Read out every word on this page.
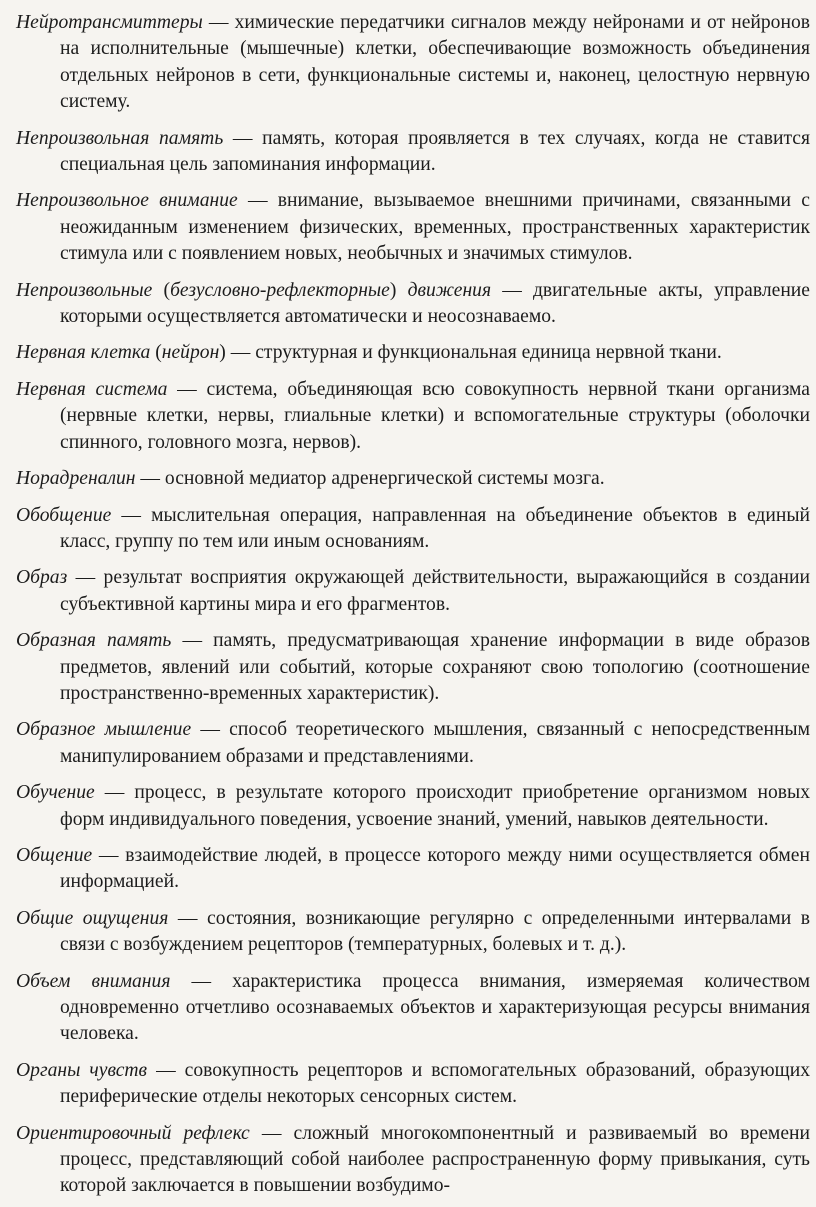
Нейротрансмиттеры — химические передатчики сигналов между нейронами и от нейронов на исполнительные (мышечные) клетки, обеспечивающие возможность объединения отдельных нейронов в сети, функциональные системы и, наконец, целостную нервную систему.

Непроизвольная память — память, которая проявляется в тех случаях, когда не ставится специальная цель запоминания информации.

Непроизвольное внимание — внимание, вызываемое внешними причинами, связанными с неожиданным изменением физических, временных, пространственных характеристик стимула или с появлением новых, необычных и значимых стимулов.

Непроизвольные (безусловно-рефлекторные) движения — двигательные акты, управление которыми осуществляется автоматически и неосознаваемо.

Нервная клетка (нейрон) — структурная и функциональная единица нервной ткани.

Нервная система — система, объединяющая всю совокупность нервной ткани организма (нервные клетки, нервы, глиальные клетки) и вспомогательные структуры (оболочки спинного, головного мозга, нервов).

Норадреналин — основной медиатор адренергической системы мозга.

Обобщение — мыслительная операция, направленная на объединение объектов в единый класс, группу по тем или иным основаниям.

Образ — результат восприятия окружающей действительности, выражающийся в создании субъективной картины мира и его фрагментов.

Образная память — память, предусматривающая хранение информации в виде образов предметов, явлений или событий, которые сохраняют свою топологию (соотношение пространственно-временных характеристик).

Образное мышление — способ теоретического мышления, связанный с непосредственным манипулированием образами и представлениями.

Обучение — процесс, в результате которого происходит приобретение организмом новых форм индивидуального поведения, усвоение знаний, умений, навыков деятельности.

Общение — взаимодействие людей, в процессе которого между ними осуществляется обмен информацией.

Общие ощущения — состояния, возникающие регулярно с определенными интервалами в связи с возбуждением рецепторов (температурных, болевых и т. д.).

Объем внимания — характеристика процесса внимания, измеряемая количеством одновременно отчетливо осознаваемых объектов и характеризующая ресурсы внимания человека.

Органы чувств — совокупность рецепторов и вспомогательных образований, образующих периферические отделы некоторых сенсорных систем.

Ориентировочный рефлекс — сложный многокомпонентный и развиваемый во времени процесс, представляющий собой наиболее распространенную форму привыкания, суть которой заключается в повышении возбудимо-
